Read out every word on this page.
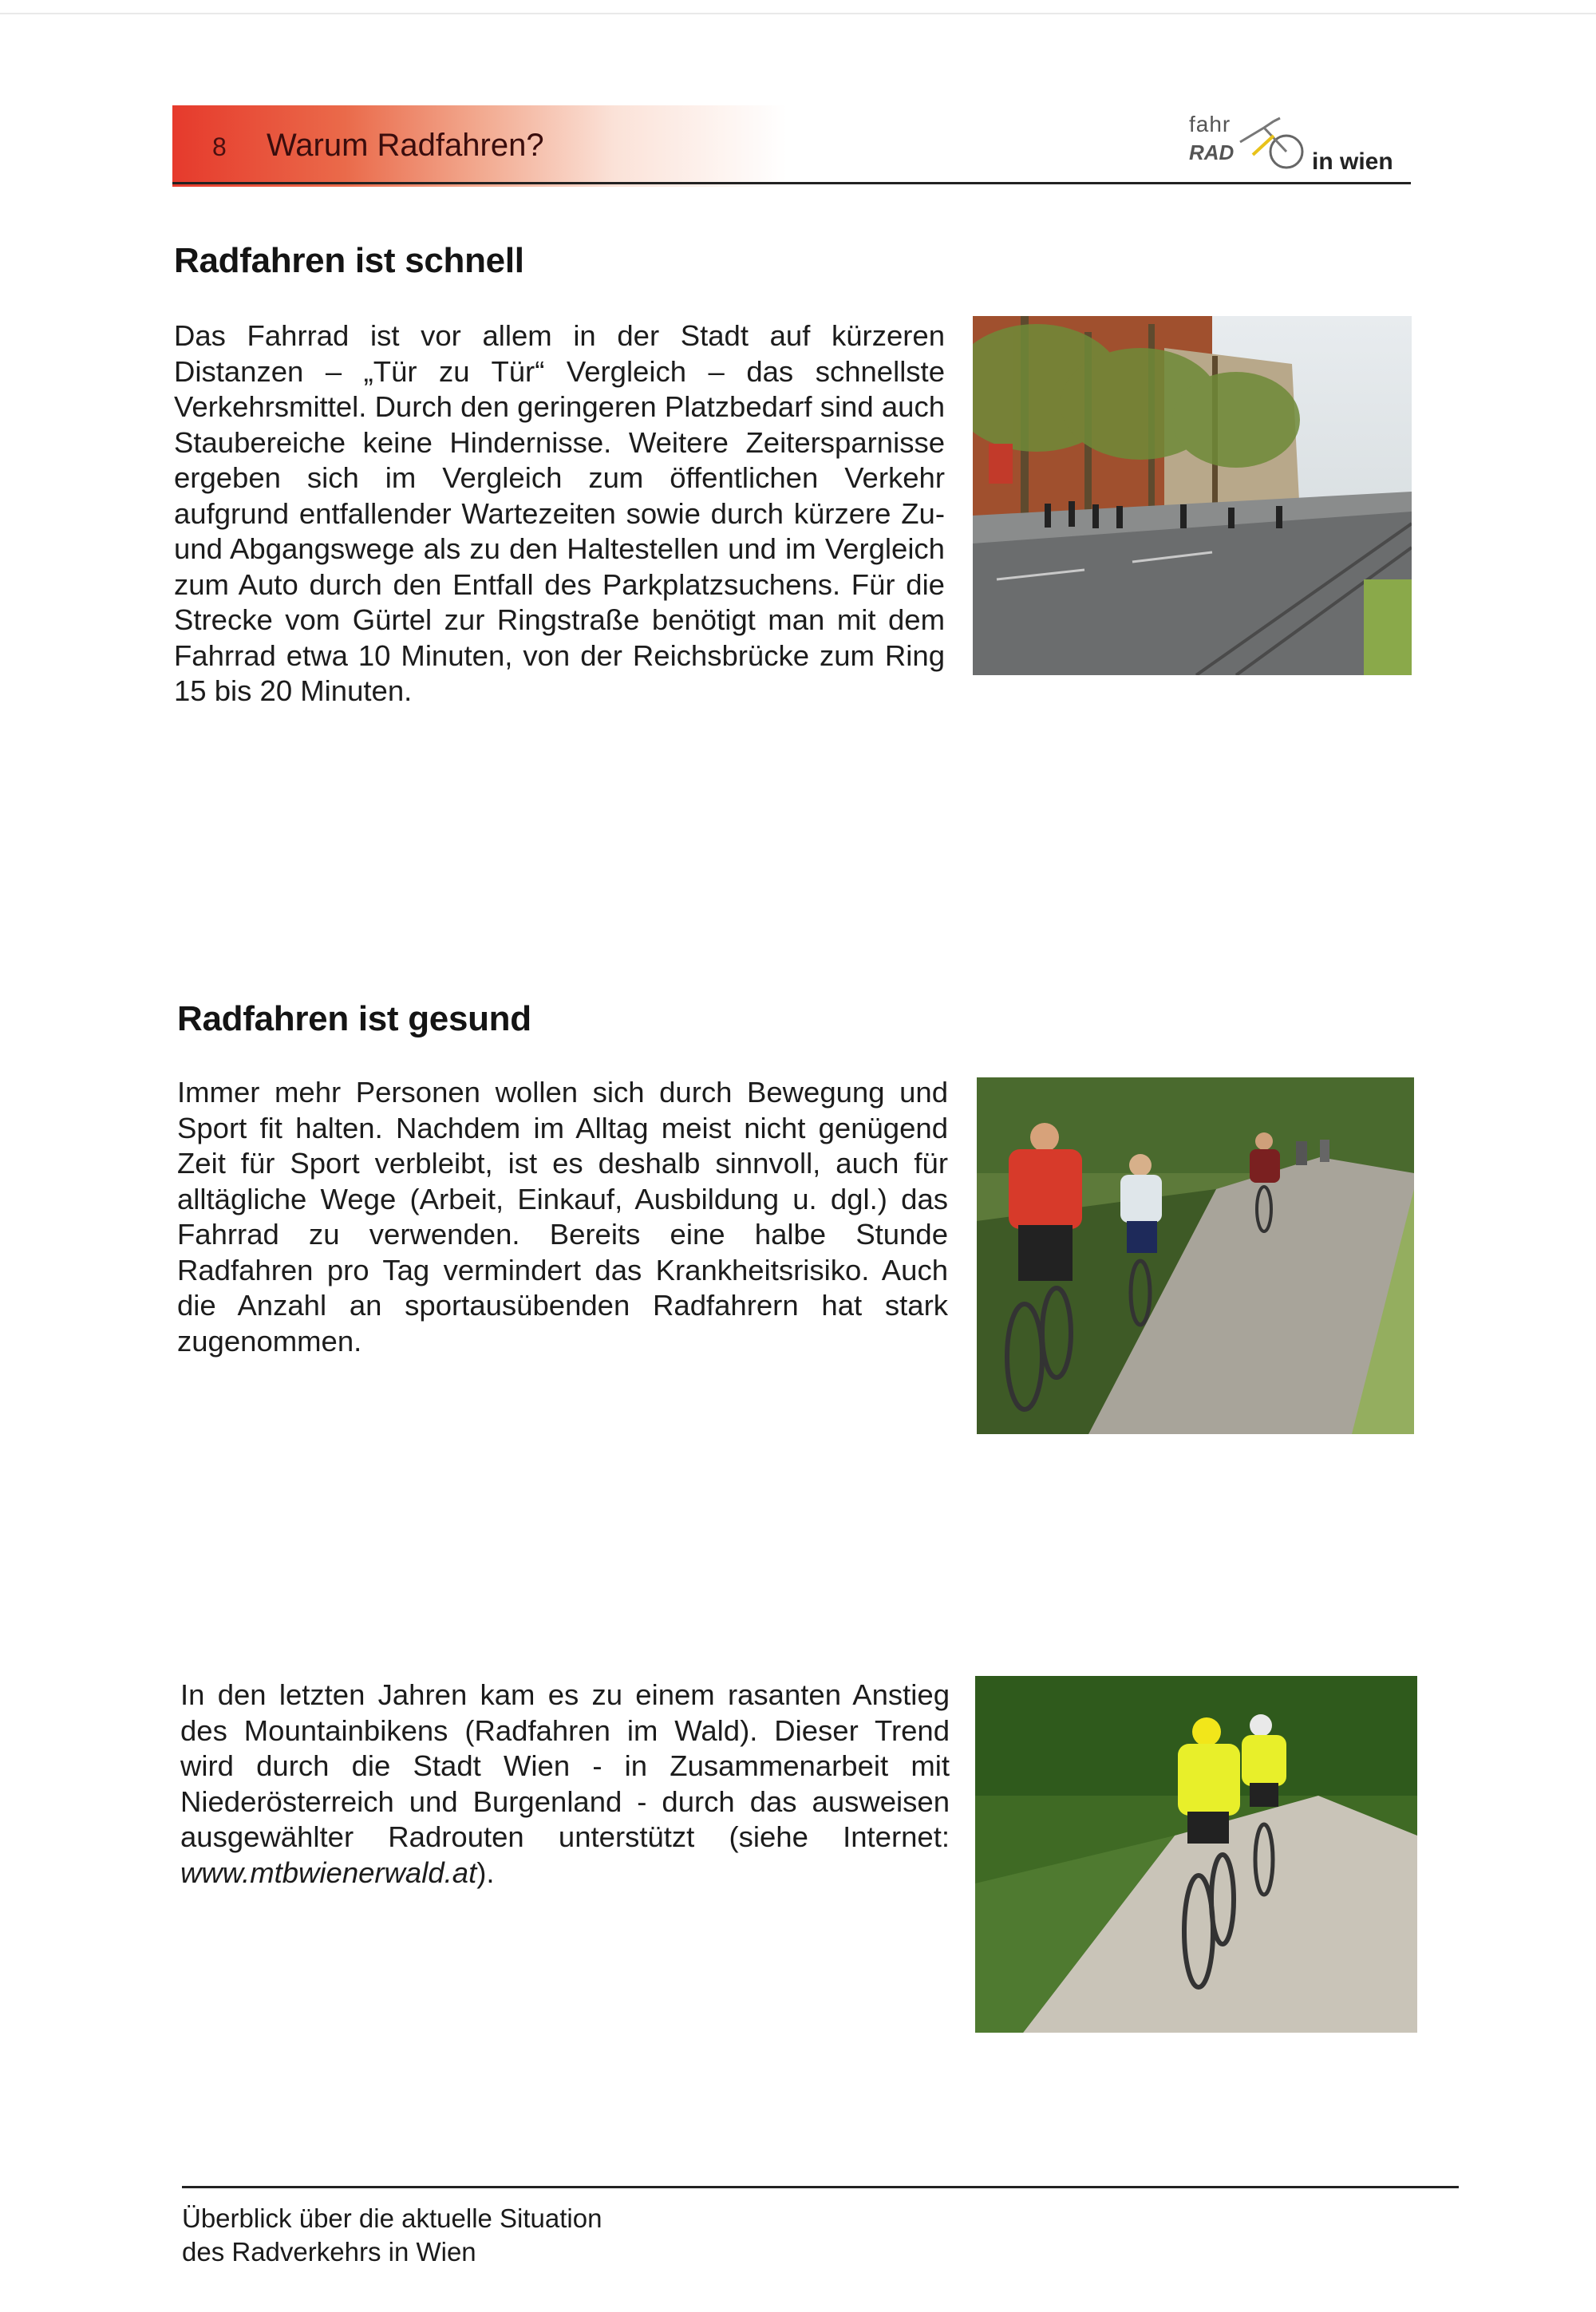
8 Warum Radfahren?
fahr
RAD	in wien
Radfahren ist schnell

Das Fahrrad ist vor allem in der Stadt auf kürzeren Distanzen – „Tür zu Tür“ Vergleich – das schnellste Verkehrsmittel. Durch den geringeren Platzbedarf sind auch Staubereiche keine Hindernisse. Weitere Zeitersparnisse ergeben sich im Vergleich zum öffentlichen Verkehr aufgrund entfallender Wartezeiten sowie durch kürzere Zu- und Abgangswege als zu den Haltestellen und im Vergleich zum Auto durch den Entfall des Parkplatzsuchens. Für die Strecke vom Gürtel zur Ringstraße benötigt man mit dem Fahrrad etwa 10 Minuten, von der Reichsbrücke zum Ring 15 bis 20 Minuten.

Radfahren ist gesund

Immer mehr Personen wollen sich durch Bewegung und Sport fit halten. Nachdem im Alltag meist nicht genügend Zeit für Sport verbleibt, ist es deshalb sinnvoll, auch für alltägliche Wege (Arbeit, Einkauf, Ausbildung u. dgl.) das Fahrrad zu verwenden. Bereits eine halbe Stunde Radfahren pro Tag vermindert das Krankheitsrisiko. Auch die Anzahl an sportausübenden Radfahrern hat stark zugenommen.

In den letzten Jahren kam es zu einem rasanten Anstieg des Mountainbikens (Radfahren im Wald). Dieser Trend wird durch die Stadt Wien - in Zusammenarbeit mit Niederösterreich und Burgenland - durch das ausweisen ausgewählter Radrouten unterstützt (siehe Internet: www.mtbwienerwald.at).

Überblick über die aktuelle Situation
des Radverkehrs in Wien
